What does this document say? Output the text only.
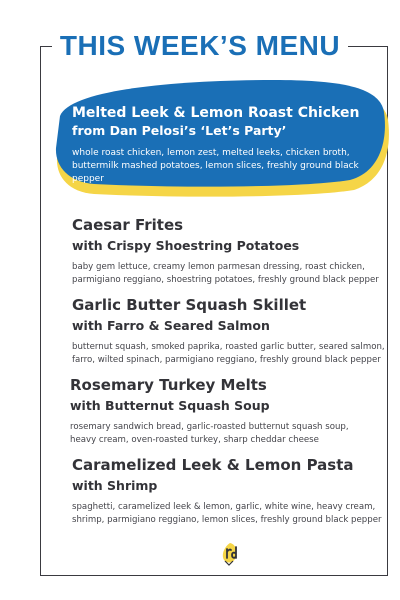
THIS WEEK’S MENU
Melted Leek & Lemon Roast Chicken
from Dan Pelosi’s ‘Let’s Party’
whole roast chicken, lemon zest, melted leeks, chicken broth,
buttermilk mashed potatoes, lemon slices, freshly ground black pepper
Caesar Frites
with Crispy Shoestring Potatoes
baby gem lettuce, creamy lemon parmesan dressing, roast chicken,
parmigiano reggiano, shoestring potatoes, freshly ground black pepper
Garlic Butter Squash Skillet
with Farro & Seared Salmon
butternut squash, smoked paprika, roasted garlic butter, seared salmon,
farro, wilted spinach, parmigiano reggiano, freshly ground black pepper
Rosemary Turkey Melts
with Butternut Squash Soup
rosemary sandwich bread, garlic-roasted butternut squash soup,
heavy cream, oven-roasted turkey, sharp cheddar cheese
Caramelized Leek & Lemon Pasta
with Shrimp
spaghetti, caramelized leek & lemon, garlic, white wine, heavy cream,
shrimp, parmigiano reggiano, lemon slices, freshly ground black pepper
